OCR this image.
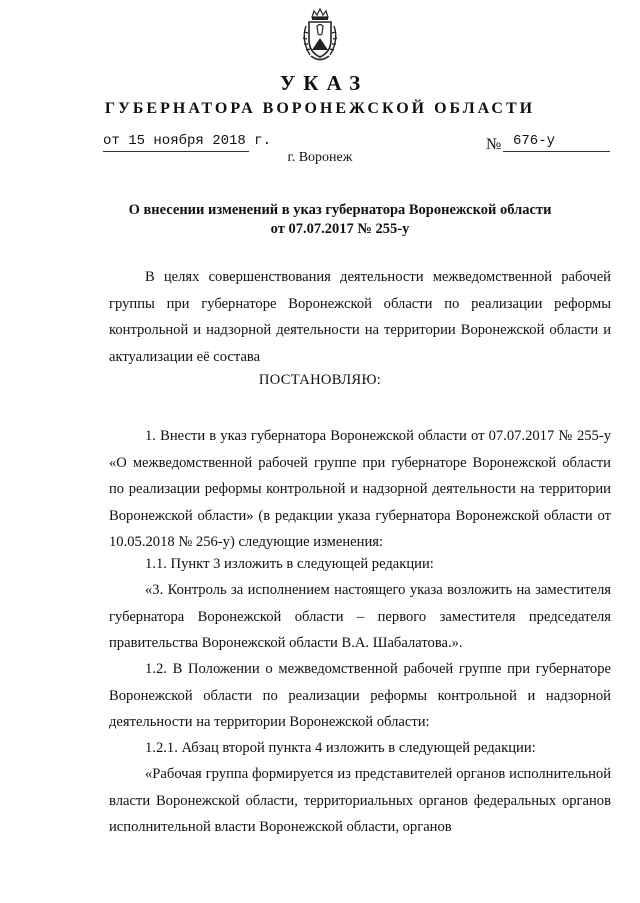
УКАЗ
ГУБЕРНАТОРА ВОРОНЕЖСКОЙ ОБЛАСТИ
от 15 ноября 2018 г.	№ 676-у
г. Воронеж
О внесении изменений в указ губернатора Воронежской области
от 07.07.2017 № 255-у
В целях совершенствования деятельности межведомственной рабочей группы при губернаторе Воронежской области по реализации реформы контрольной и надзорной деятельности на территории Воронежской области и актуализации её состава
ПОСТАНОВЛЯЮ:
1. Внести в указ губернатора Воронежской области от 07.07.2017 № 255-у «О межведомственной рабочей группе при губернаторе Воронежской области по реализации реформы контрольной и надзорной деятельности на территории Воронежской области» (в редакции указа губернатора Воронежской области от 10.05.2018 № 256-у) следующие изменения:
1.1. Пункт 3 изложить в следующей редакции:
«3. Контроль за исполнением настоящего указа возложить на заместителя губернатора Воронежской области – первого заместителя председателя правительства Воронежской области В.А. Шабалатова.».
1.2. В Положении о межведомственной рабочей группе при губернаторе Воронежской области по реализации реформы контрольной и надзорной деятельности на территории Воронежской области:
1.2.1. Абзац второй пункта 4 изложить в следующей редакции:
«Рабочая группа формируется из представителей органов исполнительной власти Воронежской области, территориальных органов федеральных органов исполнительной власти Воронежской области, органов
